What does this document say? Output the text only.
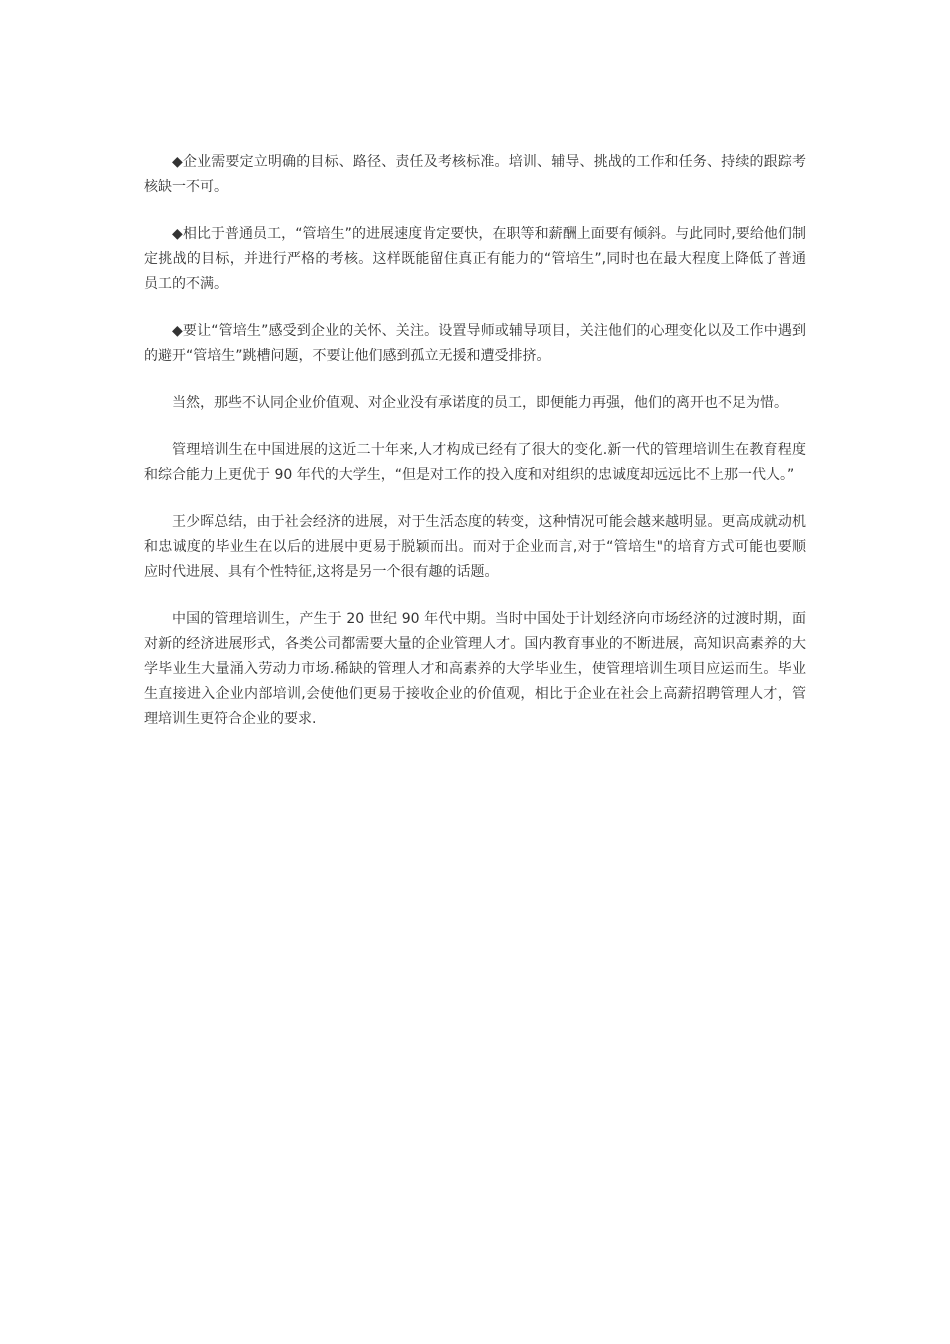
◆企业需要定立明确的目标、路径、责任及考核标准。培训、辅导、挑战的工作和任务、持续的跟踪考核缺一不可。

◆相比于普通员工，“管培生”的进展速度肯定要快，在职等和薪酬上面要有倾斜。与此同时,要给他们制定挑战的目标，并进行严格的考核。这样既能留住真正有能力的“管培生”,同时也在最大程度上降低了普通员工的不满。

◆要让“管培生”感受到企业的关怀、关注。设置导师或辅导项目，关注他们的心理变化以及工作中遇到的避开“管培生”跳槽问题，不要让他们感到孤立无援和遭受排挤。

当然，那些不认同企业价值观、对企业没有承诺度的员工，即便能力再强，他们的离开也不足为惜。

管理培训生在中国进展的这近二十年来,人才构成已经有了很大的变化.新一代的管理培训生在教育程度和综合能力上更优于 90 年代的大学生，“但是对工作的投入度和对组织的忠诚度却远远比不上那一代人。”

王少晖总结，由于社会经济的进展，对于生活态度的转变，这种情况可能会越来越明显。更高成就动机和忠诚度的毕业生在以后的进展中更易于脱颖而出。而对于企业而言,对于“管培生"的培育方式可能也要顺应时代进展、具有个性特征,这将是另一个很有趣的话题。

中国的管理培训生，产生于 20 世纪 90 年代中期。当时中国处于计划经济向市场经济的过渡时期，面对新的经济进展形式，各类公司都需要大量的企业管理人才。国内教育事业的不断进展，高知识高素养的大学毕业生大量涌入劳动力市场.稀缺的管理人才和高素养的大学毕业生，使管理培训生项目应运而生。毕业生直接进入企业内部培训,会使他们更易于接收企业的价值观，相比于企业在社会上高薪招聘管理人才，管理培训生更符合企业的要求.
